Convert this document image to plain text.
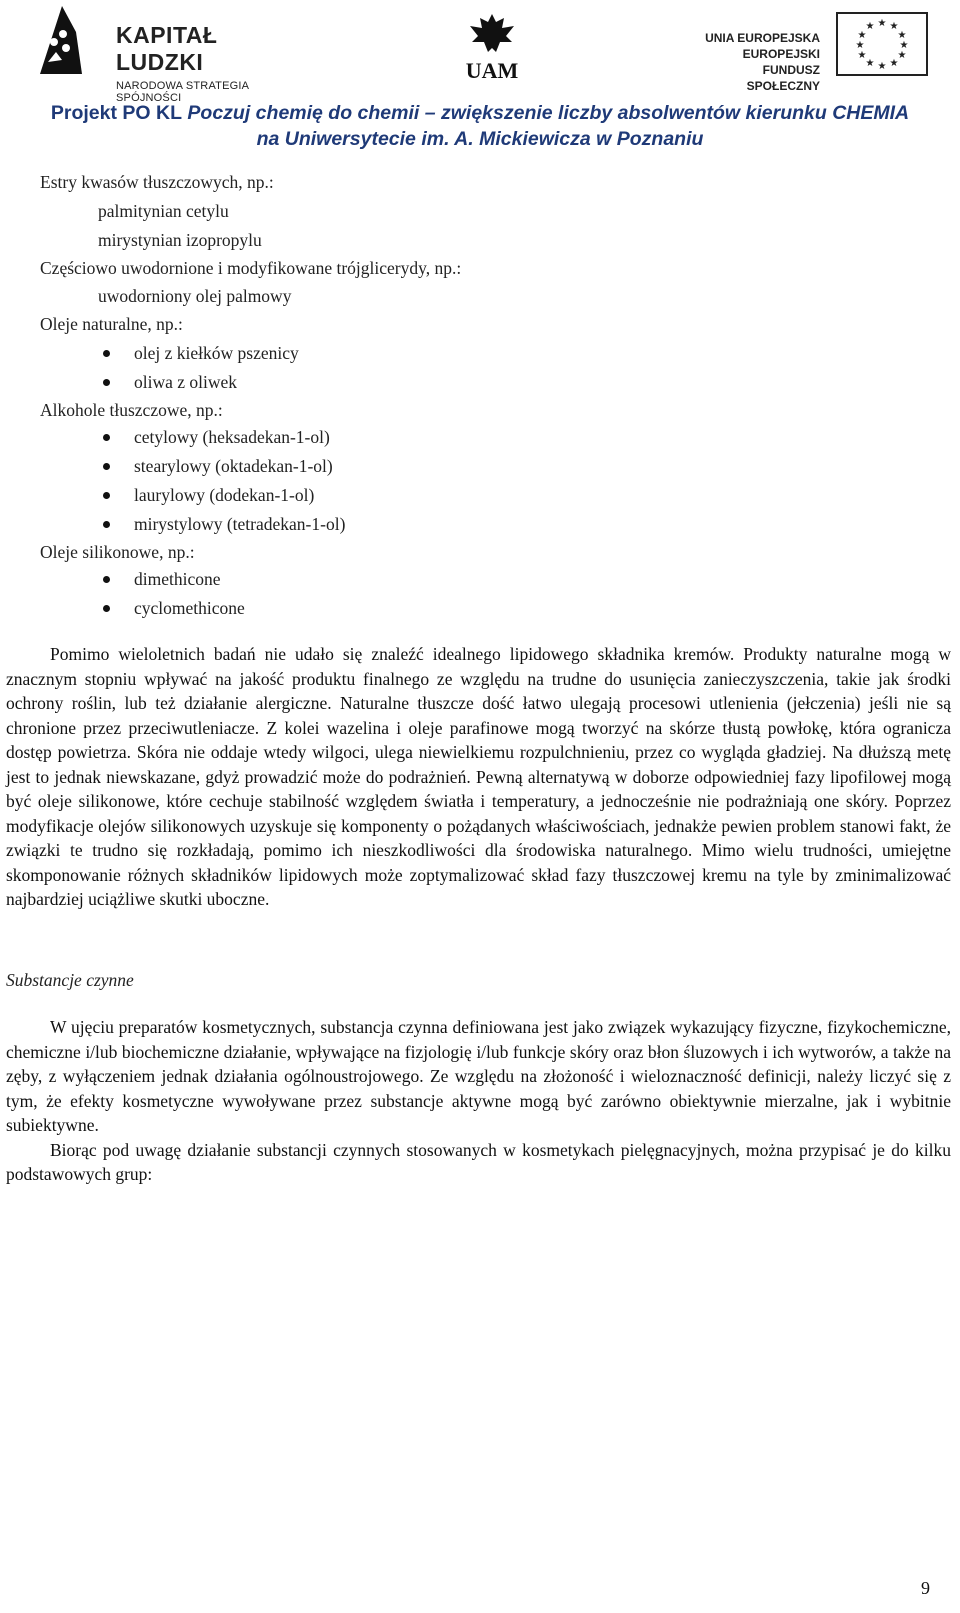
KAPITAŁ LUDZKI
NARODOWA STRATEGIA SPÓJNOŚCI
UAM
UNIA EUROPEJSKA
EUROPEJSKI
FUNDUSZ SPOŁECZNY
★ ★
★
★
★
★
★
★
★
★
★
★
Projekt PO KL Poczuj chemię do chemii – zwiększenie liczby absolwentów kierunku CHEMIA
na Uniwersytecie im. A. Mickiewicza w Poznaniu
Estry kwasów tłuszczowych, np.:
palmitynian cetylu
mirystynian izopropylu
Częściowo uwodornione i modyfikowane trójglicerydy, np.:
uwodorniony olej palmowy
Oleje naturalne, np.:
olej z kiełków pszenicy
oliwa z oliwek
Alkohole tłuszczowe, np.:
cetylowy (heksadekan-1-ol)
stearylowy (oktadekan-1-ol)
laurylowy (dodekan-1-ol)
mirystylowy (tetradekan-1-ol)
Oleje silikonowe, np.:
dimethicone
cyclomethicone

Pomimo wieloletnich badań nie udało się znaleźć idealnego lipidowego składnika kremów. Produkty naturalne mogą w znacznym stopniu wpływać na jakość produktu finalnego ze względu na trudne do usunięcia zanieczyszczenia, takie jak środki ochrony roślin, lub też działanie alergiczne. Naturalne tłuszcze dość łatwo ulegają procesowi utlenienia (jełczenia) jeśli nie są chronione przez przeciwutleniacze. Z kolei wazelina i oleje parafinowe mogą tworzyć na skórze tłustą powłokę, która ogranicza dostęp powietrza. Skóra nie oddaje wtedy wilgoci, ulega niewielkiemu rozpulchnieniu, przez co wygląda gładziej. Na dłuższą metę jest to jednak niewskazane, gdyż prowadzić może do podrażnień. Pewną alternatywą w doborze odpowiedniej fazy lipofilowej mogą być oleje silikonowe, które cechuje stabilność względem światła i temperatury, a jednocześnie nie podrażniają one skóry. Poprzez modyfikacje olejów silikonowych uzyskuje się komponenty o pożądanych właściwościach, jednakże pewien problem stanowi fakt, że związki te trudno się rozkładają, pomimo ich nieszkodliwości dla środowiska naturalnego. Mimo wielu trudności, umiejętne skomponowanie różnych składników lipidowych może zoptymalizować skład fazy tłuszczowej kremu na tyle by zminimalizować najbardziej uciążliwe skutki uboczne.

Substancje czynne

W ujęciu preparatów kosmetycznych, substancja czynna definiowana jest jako związek wykazujący fizyczne, fizykochemiczne, chemiczne i/lub biochemiczne działanie, wpływające na fizjologię i/lub funkcje skóry oraz błon śluzowych i ich wytworów, a także na zęby, z wyłączeniem jednak działania ogólnoustrojowego. Ze względu na złożoność i wieloznaczność definicji, należy liczyć się z tym, że efekty kosmetyczne wywoływane przez substancje aktywne mogą być zarówno obiektywnie mierzalne, jak i wybitnie subiektywne.

Biorąc pod uwagę działanie substancji czynnych stosowanych w kosmetykach pielęgnacyjnych, można przypisać je do kilku podstawowych grup:

9
